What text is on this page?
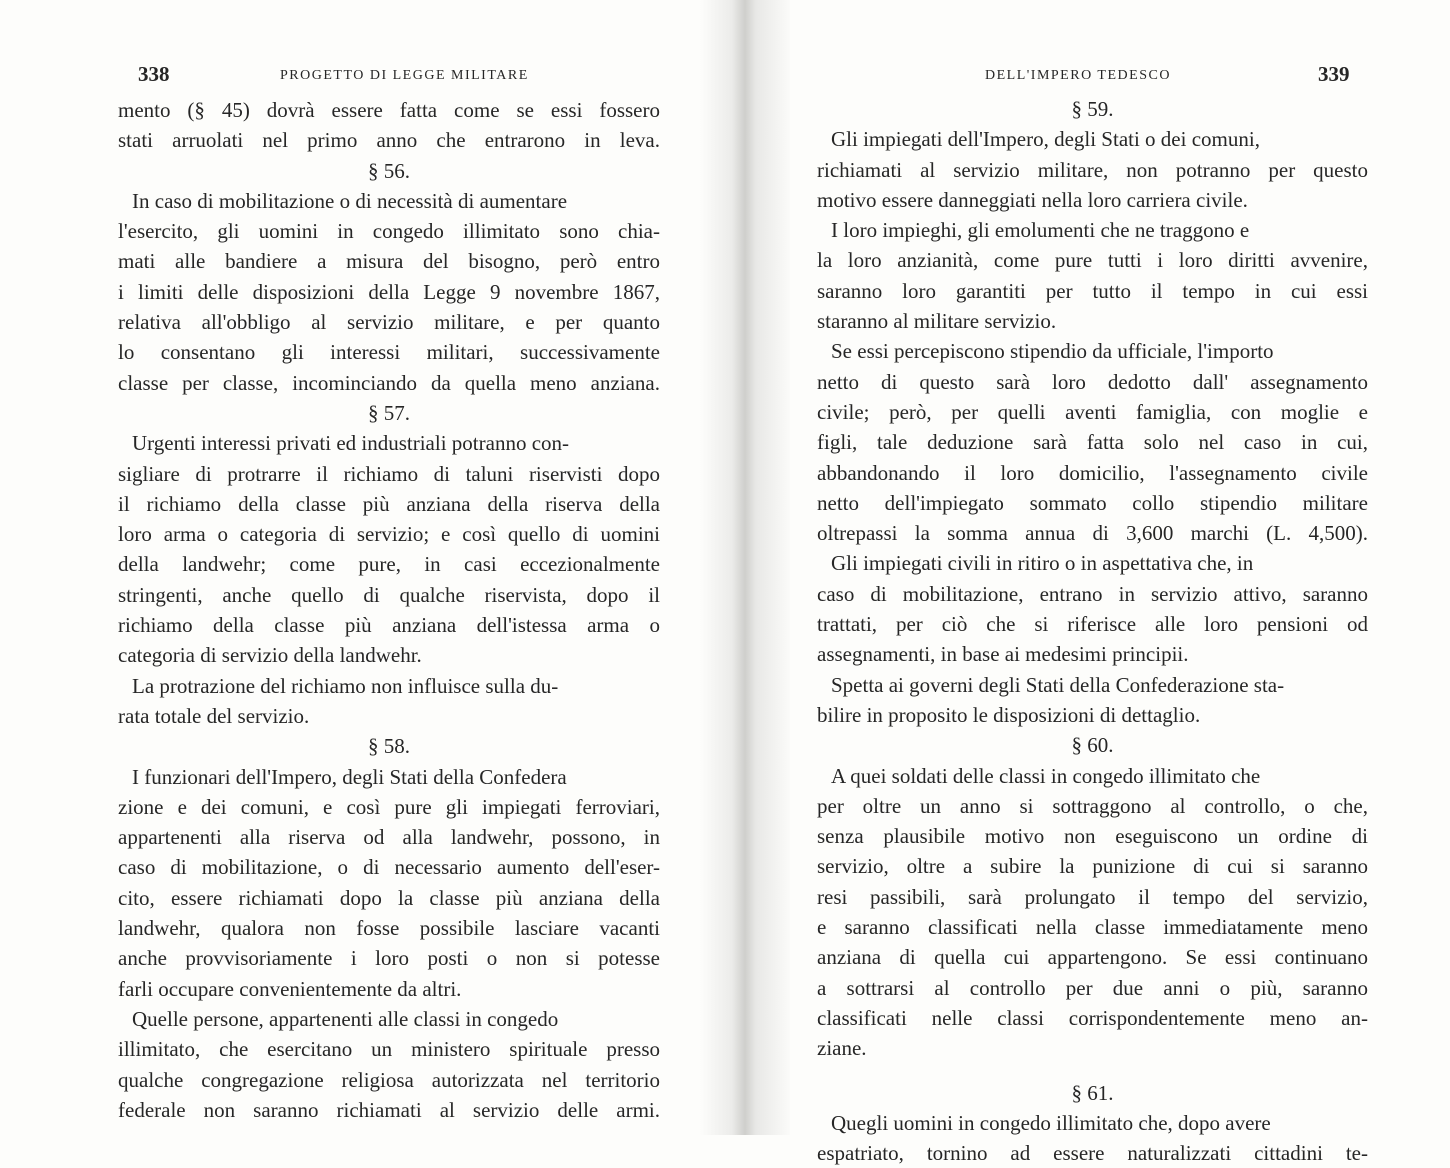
338	PROGETTO DI LEGGE MILITARE
mento (§ 45) dovrà essere fatta come se essi fossero
stati arruolati nel primo anno che entrarono in leva.
§ 56.
In caso di mobilitazione o di necessità di aumentare
l'esercito, gli uomini in congedo illimitato sono chia-
mati alle bandiere a misura del bisogno, però entro
i limiti delle disposizioni della Legge 9 novembre 1867,
relativa all'obbligo al servizio militare, e per quanto
lo consentano gli interessi militari, successivamente
classe per classe, incominciando da quella meno anziana.
§ 57.
Urgenti interessi privati ed industriali potranno con-
sigliare di protrarre il richiamo di taluni riservisti dopo
il richiamo della classe più anziana della riserva della
loro arma o categoria di servizio; e così quello di uomini
della landwehr; come pure, in casi eccezionalmente
stringenti, anche quello di qualche riservista, dopo il
richiamo della classe più anziana dell'istessa arma o
categoria di servizio della landwehr.
La protrazione del richiamo non influisce sulla du-
rata totale del servizio.
§ 58.
I funzionari dell'Impero, degli Stati della Confedera
zione e dei comuni, e così pure gli impiegati ferroviari,
appartenenti alla riserva od alla landwehr, possono, in
caso di mobilitazione, o di necessario aumento dell'eser-
cito, essere richiamati dopo la classe più anziana della
landwehr, qualora non fosse possibile lasciare vacanti
anche provvisoriamente i loro posti o non si potesse
farli occupare convenientemente da altri.
Quelle persone, appartenenti alle classi in congedo
illimitato, che esercitano un ministero spirituale presso
qualche congregazione religiosa autorizzata nel territorio
federale non saranno richiamati al servizio delle armi.
DELL'IMPERO TEDESCO	339
§ 59.
Gli impiegati dell'Impero, degli Stati o dei comuni,
richiamati al servizio militare, non potranno per questo
motivo essere danneggiati nella loro carriera civile.
I loro impieghi, gli emolumenti che ne traggono e
la loro anzianità, come pure tutti i loro diritti avvenire,
saranno loro garantiti per tutto il tempo in cui essi
staranno al militare servizio.
Se essi percepiscono stipendio da ufficiale, l'importo
netto di questo sarà loro dedotto dall' assegnamento
civile; però, per quelli aventi famiglia, con moglie e
figli, tale deduzione sarà fatta solo nel caso in cui,
abbandonando il loro domicilio, l'assegnamento civile
netto dell'impiegato sommato collo stipendio militare
oltrepassi la somma annua di 3,600 marchi (L. 4,500).
Gli impiegati civili in ritiro o in aspettativa che, in
caso di mobilitazione, entrano in servizio attivo, saranno
trattati, per ciò che si riferisce alle loro pensioni od
assegnamenti, in base ai medesimi principii.
Spetta ai governi degli Stati della Confederazione sta-
bilire in proposito le disposizioni di dettaglio.
§ 60.
A quei soldati delle classi in congedo illimitato che
per oltre un anno si sottraggono al controllo, o che,
senza plausibile motivo non eseguiscono un ordine di
servizio, oltre a subire la punizione di cui si saranno
resi passibili, sarà prolungato il tempo del servizio,
e saranno classificati nella classe immediatamente meno
anziana di quella cui appartengono. Se essi continuano
a sottrarsi al controllo per due anni o più, saranno
classificati nelle classi corrispondentemente meno an-
ziane.
§ 61.
Quegli uomini in congedo illimitato che, dopo avere
espatriato, tornino ad essere naturalizzati cittadini te-
